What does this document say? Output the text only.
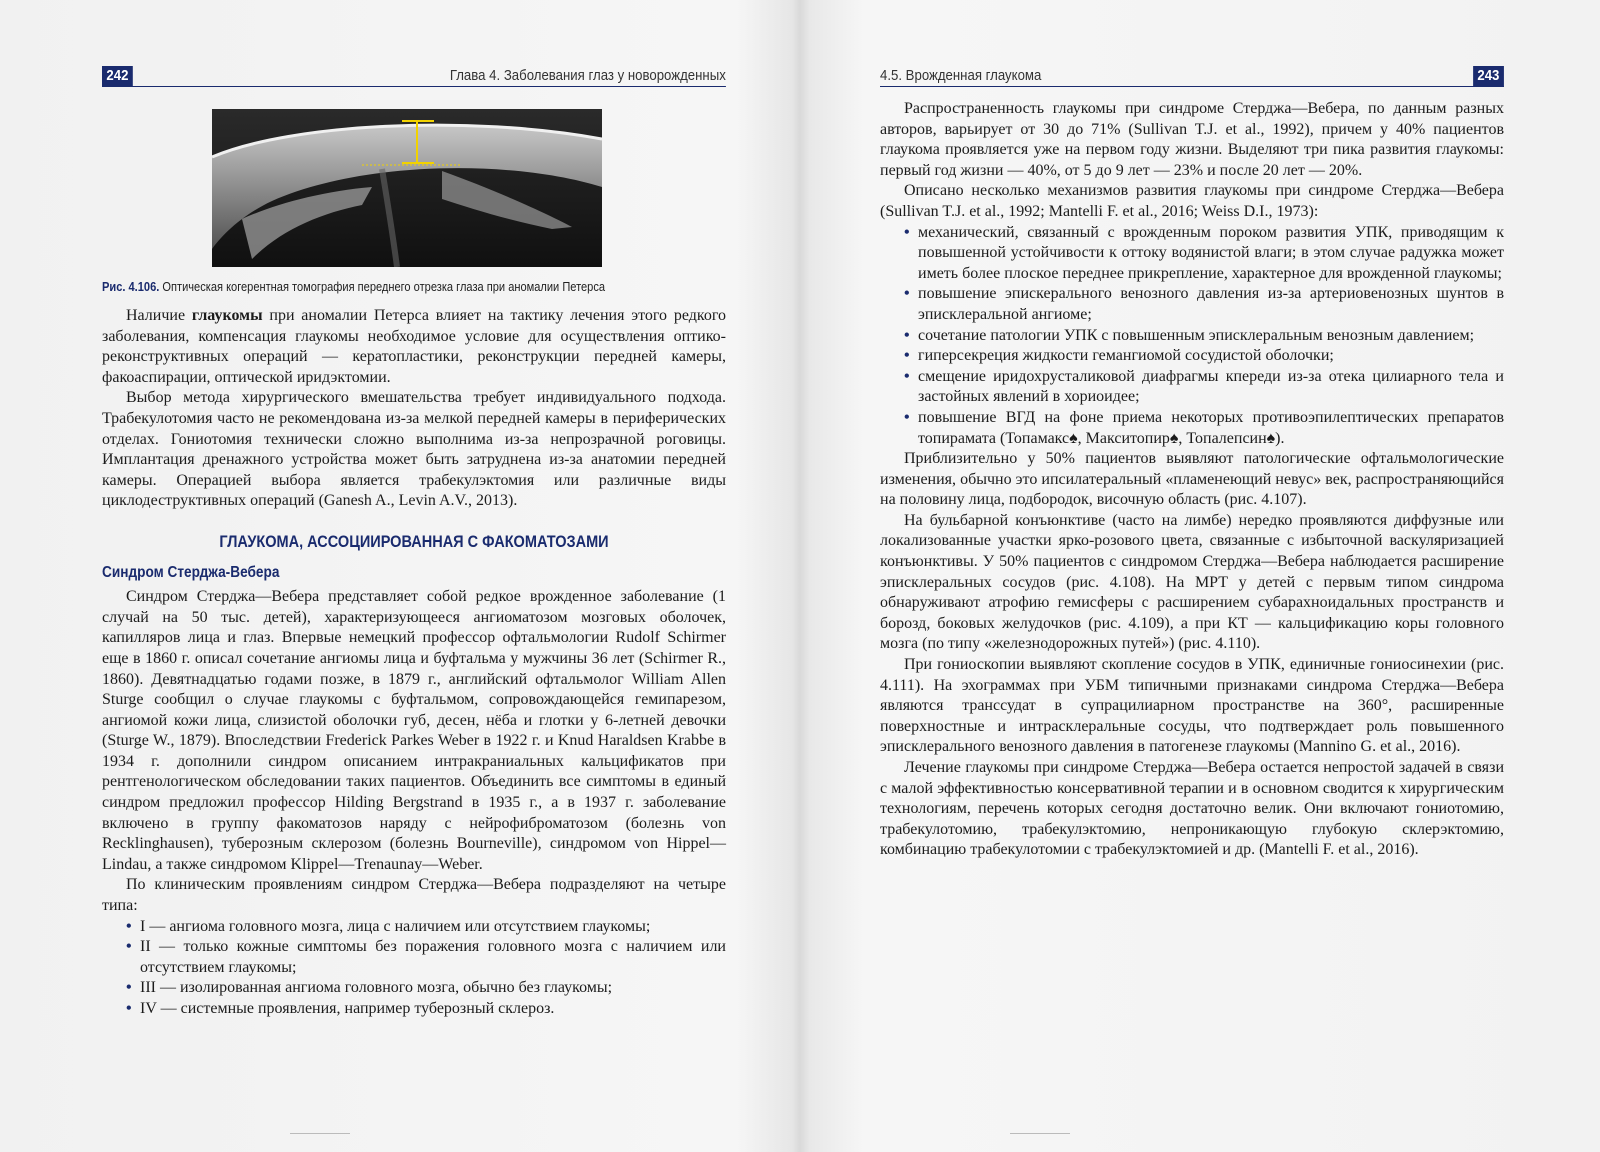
242	Глава 4. Заболевания глаз у новорожденных
Рис. 4.106. Оптическая когерентная томография переднего отрезка глаза при аномалии Петерса

Наличие глаукомы при аномалии Петерса влияет на тактику лечения этого редкого заболевания, компенсация глаукомы необходимое условие для осуществления оптико-реконструктивных операций — кератопластики, реконструкции передней камеры, факоаспирации, оптической иридэктомии.

Выбор метода хирургического вмешательства требует индивидуального подхода. Трабекулотомия часто не рекомендована из-за мелкой передней камеры в периферических отделах. Гониотомия технически сложно выполнима из-за непрозрачной роговицы. Имплантация дренажного устройства может быть затруднена из-за анатомии передней камеры. Операцией выбора является трабекулэктомия или различные виды циклодеструктивных операций (Ganesh A., Levin A.V., 2013).

ГЛАУКОМА, АССОЦИИРОВАННАЯ С ФАКОМАТОЗАМИ
Синдром Стерджа-Вебера

Синдром Стерджа—Вебера представляет собой редкое врожденное заболевание (1 случай на 50 тыс. детей), характеризующееся ангиоматозом мозговых оболочек, капилляров лица и глаз. Впервые немецкий профессор офтальмологии Rudolf Schirmer еще в 1860 г. описал сочетание ангиомы лица и буфтальма у мужчины 36 лет (Schirmer R., 1860). Девятнадцатью годами позже, в 1879 г., английский офтальмолог William Allen Sturge сообщил о случае глаукомы с буфтальмом, сопровождающейся гемипарезом, ангиомой кожи лица, слизистой оболочки губ, десен, нёба и глотки у 6-летней девочки (Sturge W., 1879). Впоследствии Frederick Parkes Weber в 1922 г. и Knud Haraldsen Krabbe в 1934 г. дополнили синдром описанием интракраниальных кальцификатов при рентгенологическом обследовании таких пациентов. Объединить все симптомы в единый синдром предложил профессор Hilding Bergstrand в 1935 г., а в 1937 г. заболевание включено в группу факоматозов наряду с нейрофиброматозом (болезнь von Recklinghausen), туберозным склерозом (болезнь Bourneville), синдромом von Hippel—Lindau, а также синдромом Klippel—Trenaunay—Weber.

По клиническим проявлениям синдром Стерджа—Вебера подразделяют на четыре типа:

• I — ангиома головного мозга, лица с наличием или отсутствием глаукомы;
• II — только кожные симптомы без поражения головного мозга с наличием или отсутствием глаукомы;
• III — изолированная ангиома головного мозга, обычно без глаукомы;
• IV — системные проявления, например туберозный склероз.
4.5. Врожденная глаукома	243

Распространенность глаукомы при синдроме Стерджа—Вебера, по данным разных авторов, варьирует от 30 до 71% (Sullivan T.J. et al., 1992), причем у 40% пациентов глаукома проявляется уже на первом году жизни. Выделяют три пика развития глаукомы: первый год жизни — 40%, от 5 до 9 лет — 23% и после 20 лет — 20%.

Описано несколько механизмов развития глаукомы при синдроме Стерджа—Вебера (Sullivan T.J. et al., 1992; Mantelli F. et al., 2016; Weiss D.I., 1973):

• механический, связанный с врожденным пороком развития УПК, приводящим к повышенной устойчивости к оттоку водянистой влаги; в этом случае радужка может иметь более плоское переднее прикрепление, характерное для врожденной глаукомы;
• повышение эпискерального венозного давления из-за артериовенозных шунтов в эписклеральной ангиоме;
• сочетание патологии УПК с повышенным эписклеральным венозным давлением;
• гиперсекреция жидкости гемангиомой сосудистой оболочки;
• смещение иридохрусталиковой диафрагмы кпереди из-за отека цилиарного тела и застойных явлений в хориоидее;
• повышение ВГД на фоне приема некоторых противоэпилептических препаратов топирамата (Топамакс♠, Макситопир♠, Топалепсин♠).

Приблизительно у 50% пациентов выявляют патологические офтальмологические изменения, обычно это ипсилатеральный «пламенеющий невус» век, распространяющийся на половину лица, подбородок, височную область (рис. 4.107).

На бульбарной конъюнктиве (часто на лимбе) нередко проявляются диффузные или локализованные участки ярко-розового цвета, связанные с избыточной васкуляризацией конъюнктивы. У 50% пациентов с синдромом Стерджа—Вебера наблюдается расширение эписклеральных сосудов (рис. 4.108). На МРТ у детей с первым типом синдрома обнаруживают атрофию гемисферы с расширением субарахноидальных пространств и борозд, боковых желудочков (рис. 4.109), а при КТ — кальцификацию коры головного мозга (по типу «железнодорожных путей») (рис. 4.110).

При гониоскопии выявляют скопление сосудов в УПК, единичные гониосинехии (рис. 4.111). На эхограммах при УБМ типичными признаками синдрома Стерджа—Вебера являются транссудат в супрацилиарном пространстве на 360°, расширенные поверхностные и интрасклеральные сосуды, что подтверждает роль повышенного эписклерального венозного давления в патогенезе глаукомы (Mannino G. et al., 2016).

Лечение глаукомы при синдроме Стерджа—Вебера остается непростой задачей в связи с малой эффективностью консервативной терапии и в основном сводится к хирургическим технологиям, перечень которых сегодня достаточно велик. Они включают гониотомию, трабекулотомию, трабекулэктомию, непроникающую глубокую склерэктомию, комбинацию трабекулотомии с трабекулэктомией и др. (Mantelli F. et al., 2016).
